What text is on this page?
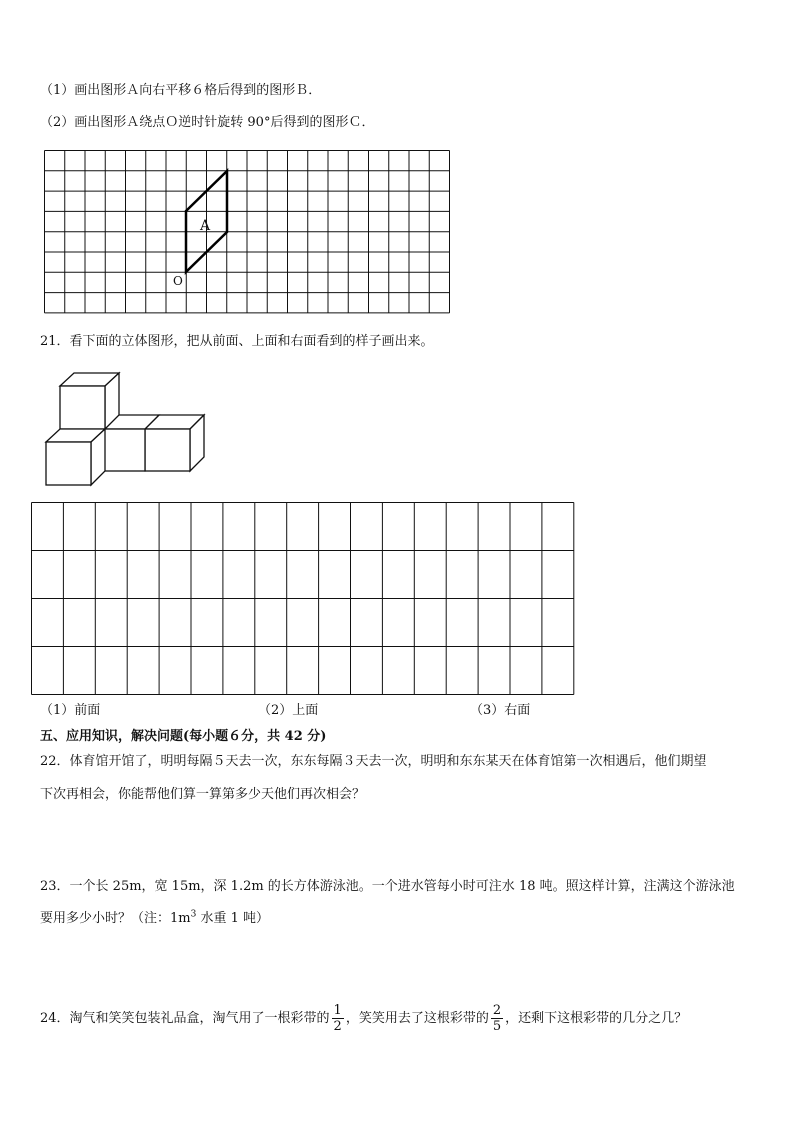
（1）画出图形Ａ向右平移６格后得到的图形Ｂ．
（2）画出图形Ａ绕点Ｏ逆时针旋转 90°后得到的图形Ｃ．
A
O
21．看下面的立体图形，把从前面、上面和右面看到的样子画出来。
（1）前面	（2）上面	（3）右面
五、应用知识，解决问题(每小题６分，共 42 分)
22．体育馆开馆了，明明每隔５天去一次，东东每隔３天去一次，明明和东东某天在体育馆第一次相遇后，他们期望
下次再相会，你能帮他们算一算第多少天他们再次相会？
23．一个长 25m，宽 15m，深 1.2m 的长方体游泳池。一个进水管每小时可注水 18 吨。照这样计算，注满这个游泳池
要用多少小时？（注：$1m^3$ 水重 1 吨）
24．淘气和笑笑包装礼品盒，淘气用了一根彩带的 $\frac{1}{2}$ ，笑笑用去了这根彩带的 $\frac{2}{5}$ ，还剩下这根彩带的几分之几？
